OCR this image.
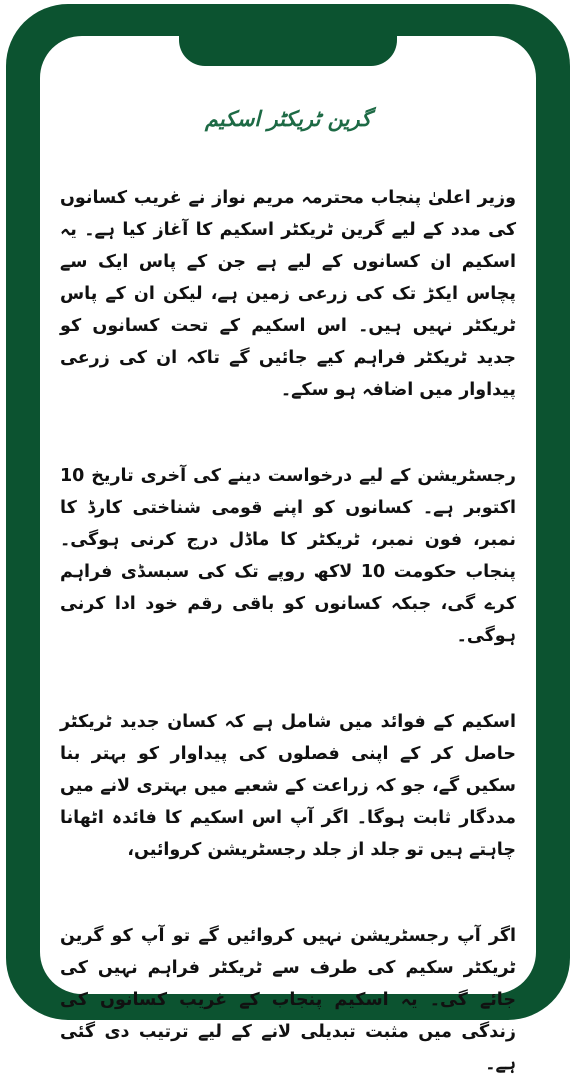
گرین ٹریکٹر اسکیم

وزیر اعلیٰ پنجاب محترمہ مریم نواز نے غریب کسانوں کی مدد کے لیے گرین ٹریکٹر اسکیم کا آغاز کیا ہے۔ یہ اسکیم ان کسانوں کے لیے ہے جن کے پاس ایک سے پچاس ایکڑ تک کی زرعی زمین ہے، لیکن ان کے پاس ٹریکٹر نہیں ہیں۔ اس اسکیم کے تحت کسانوں کو جدید ٹریکٹر فراہم کیے جائیں گے تاکہ ان کی زرعی پیداوار میں اضافہ ہو سکے۔

رجسٹریشن کے لیے درخواست دینے کی آخری تاریخ 10 اکتوبر ہے۔ کسانوں کو اپنے قومی شناختی کارڈ کا نمبر، فون نمبر، ٹریکٹر کا ماڈل درج کرنی ہوگی۔ پنجاب حکومت 10 لاکھ روپے تک کی سبسڈی فراہم کرے گی، جبکہ کسانوں کو باقی رقم خود ادا کرنی ہوگی۔

اسکیم کے فوائد میں شامل ہے کہ کسان جدید ٹریکٹر حاصل کر کے اپنی فصلوں کی پیداوار کو بہتر بنا سکیں گے، جو کہ زراعت کے شعبے میں بہتری لانے میں مددگار ثابت ہوگا۔ اگر آپ اس اسکیم کا فائدہ اٹھانا چاہتے ہیں تو جلد از جلد رجسٹریشن کروائیں،

اگر آپ رجسٹریشن نہیں کروائیں گے تو آپ کو گرین ٹریکٹر سکیم کی طرف سے ٹریکٹر فراہم نہیں کی جائے گی۔ یہ اسکیم پنجاب کے غریب کسانوں کی زندگی میں مثبت تبدیلی لانے کے لیے ترتیب دی گئی ہے۔
